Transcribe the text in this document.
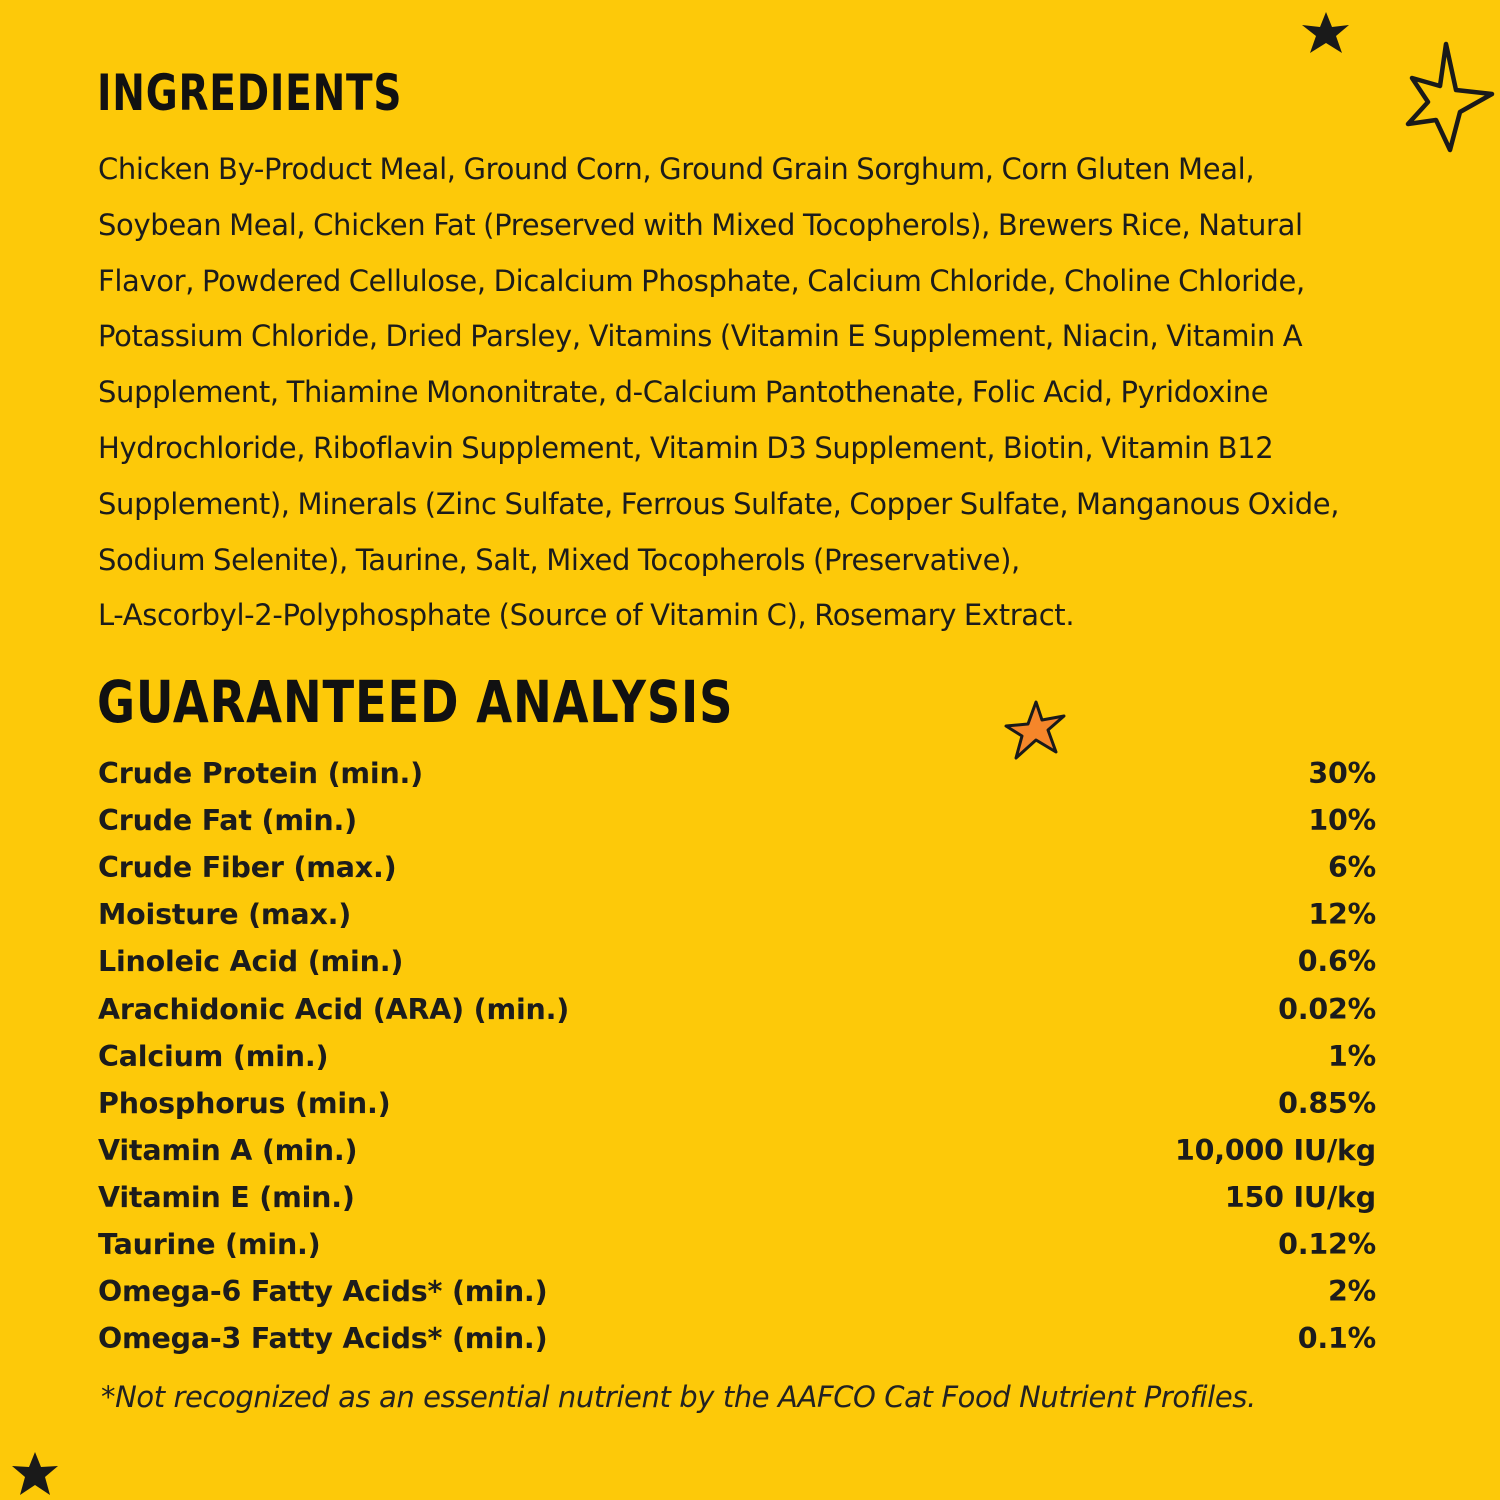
INGREDIENTS

Chicken By-Product Meal, Ground Corn, Ground Grain Sorghum, Corn Gluten Meal,
Soybean Meal, Chicken Fat (Preserved with Mixed Tocopherols), Brewers Rice, Natural
Flavor, Powdered Cellulose, Dicalcium Phosphate, Calcium Chloride, Choline Chloride,
Potassium Chloride, Dried Parsley, Vitamins (Vitamin E Supplement, Niacin, Vitamin A
Supplement, Thiamine Mononitrate, d-Calcium Pantothenate, Folic Acid, Pyridoxine
Hydrochloride, Riboflavin Supplement, Vitamin D3 Supplement, Biotin, Vitamin B12
Supplement), Minerals (Zinc Sulfate, Ferrous Sulfate, Copper Sulfate, Manganous Oxide,
Sodium Selenite), Taurine, Salt, Mixed Tocopherols (Preservative),
L-Ascorbyl-2-Polyphosphate (Source of Vitamin C), Rosemary Extract.

GUARANTEED ANALYSIS
Crude Protein (min.)	30%
Crude Fat (min.)	10%
Crude Fiber (max.)	6%
Moisture (max.)	12%
Linoleic Acid (min.)	0.6%
Arachidonic Acid (ARA) (min.)	0.02%
Calcium (min.)	1%
Phosphorus (min.)	0.85%
Vitamin A (min.)	10,000 IU/kg
Vitamin E (min.)	150 IU/kg
Taurine (min.)	0.12%
Omega-6 Fatty Acids* (min.)	2%
Omega-3 Fatty Acids* (min.)	0.1%

*Not recognized as an essential nutrient by the AAFCO Cat Food Nutrient Profiles.
